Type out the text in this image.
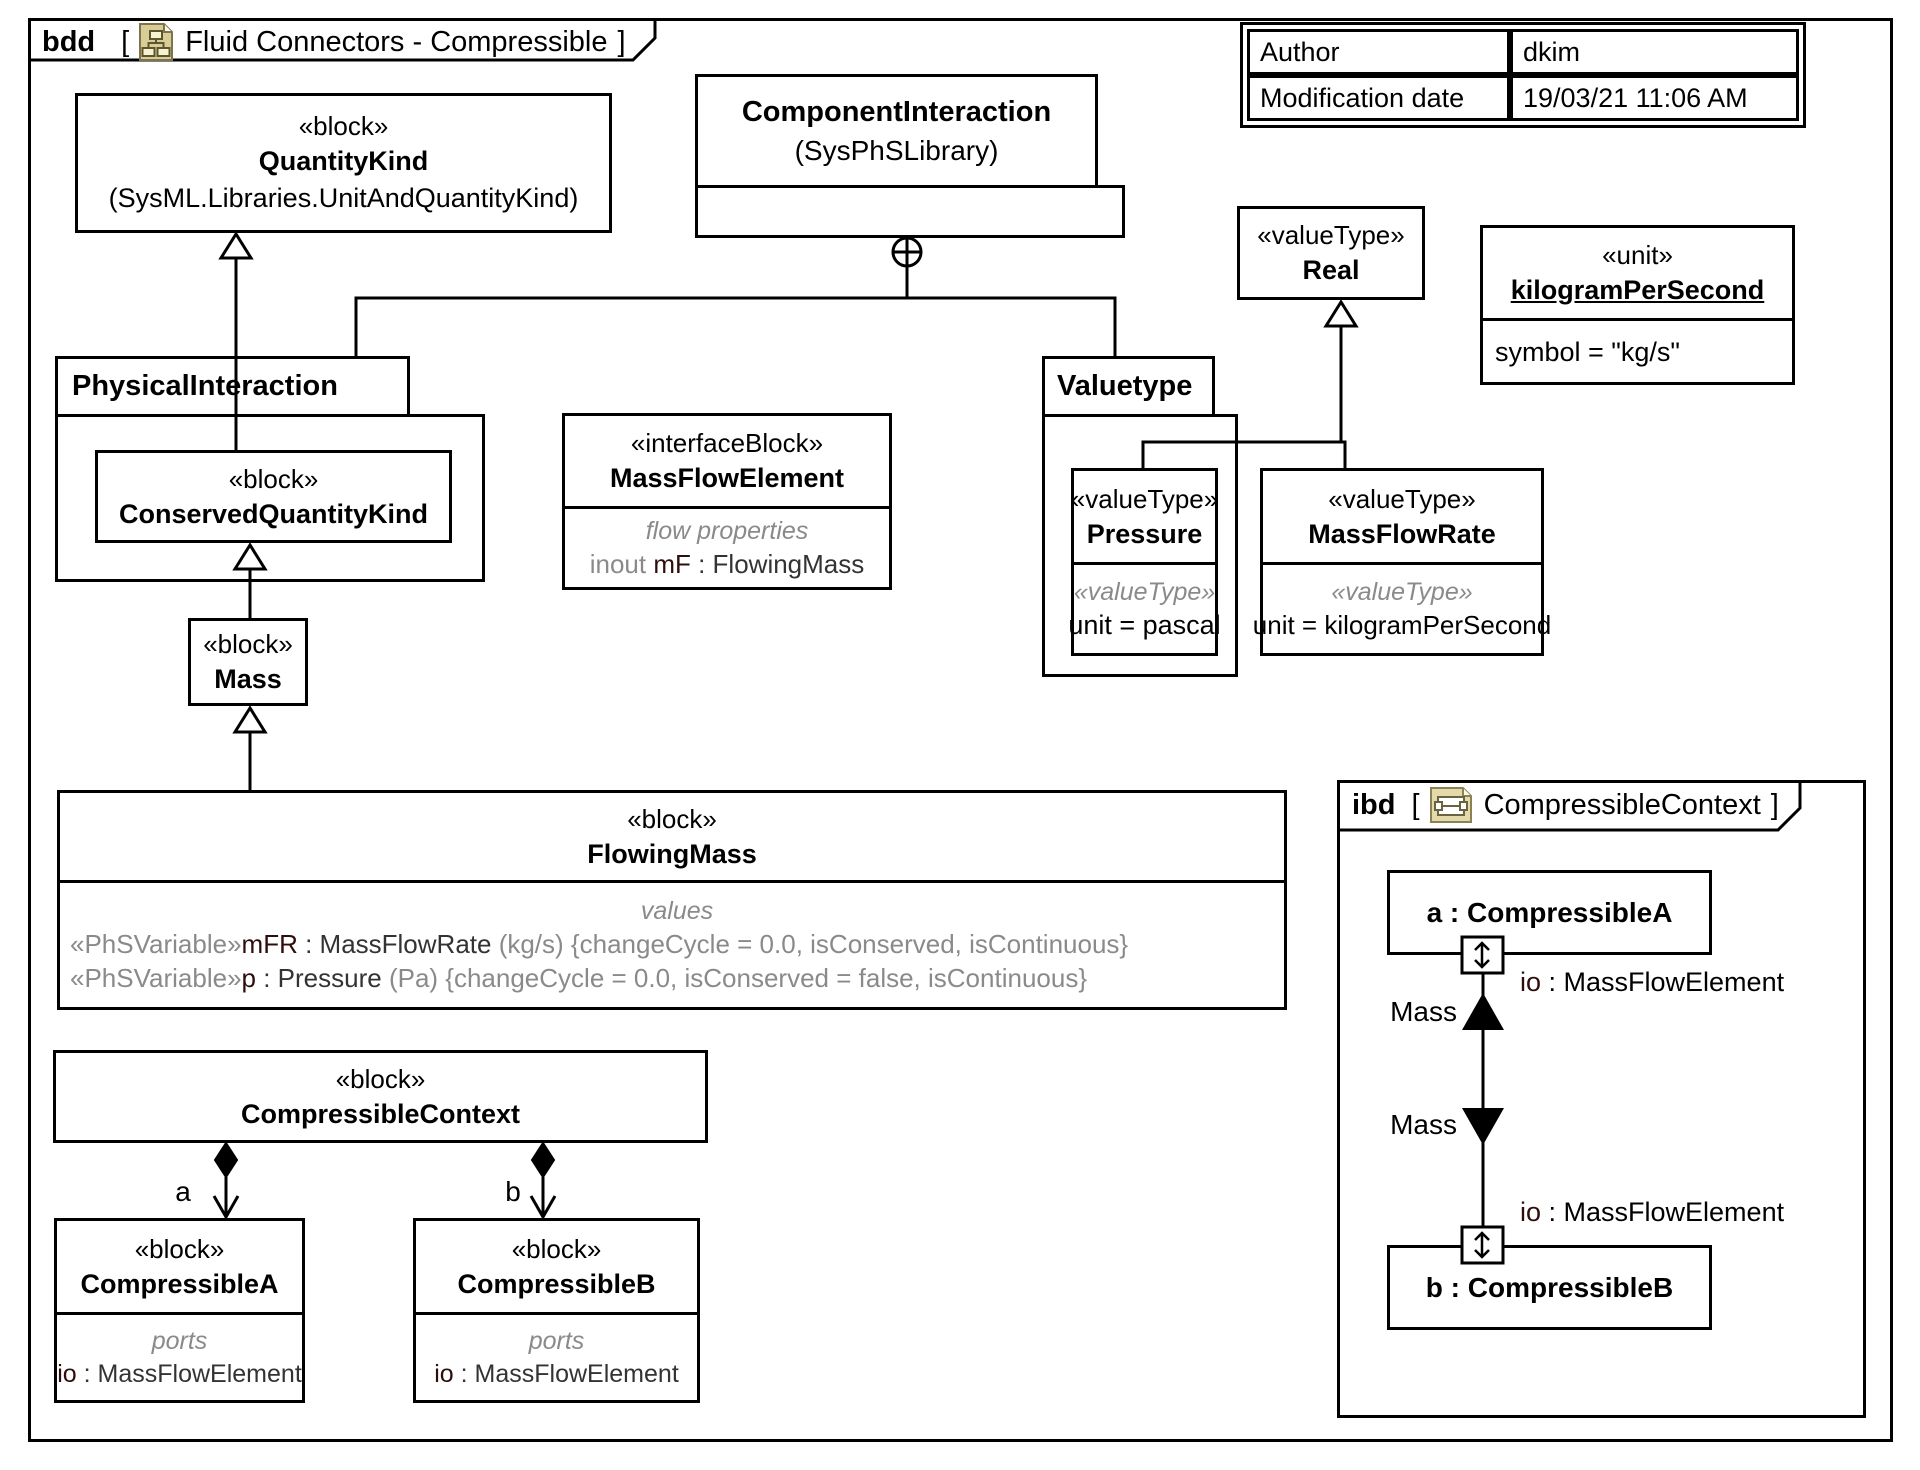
bdd [ Fluid Connectors - Compressible ]	Author	dkim
Modification date	19/03/21 11:06 AM
«block»
QuantityKind
(SysML.Libraries.UnitAndQuantityKind)
ComponentInteraction
(SysPhSLibrary)
«valueType»
Real	«unit»
kilogramPerSecond
symbol = "kg/s"
PhysicalInteraction
«block»
ConservedQuantityKind
«block»
Mass
«interfaceBlock»
MassFlowElement
flow properties
inout mF : FlowingMass
Valuetype
«valueType»
Pressure
«valueType»
unit = pascal
«valueType»
MassFlowRate
«valueType»
unit = kilogramPerSecond
«block»
FlowingMass
values
«PhSVariable»mFR : MassFlowRate (kg/s) {changeCycle = 0.0, isConserved, isContinuous}
«PhSVariable»p : Pressure (Pa) {changeCycle = 0.0, isConserved = false, isContinuous}
«block»
CompressibleContext
«block»
CompressibleA
ports
io : MassFlowElement
«block»
CompressibleB
ports
io : MassFlowElement
a	b
ibd [ CompressibleContext ]
a : CompressibleA
b : CompressibleB
Mass
Mass
io : MassFlowElement
io : MassFlowElement
